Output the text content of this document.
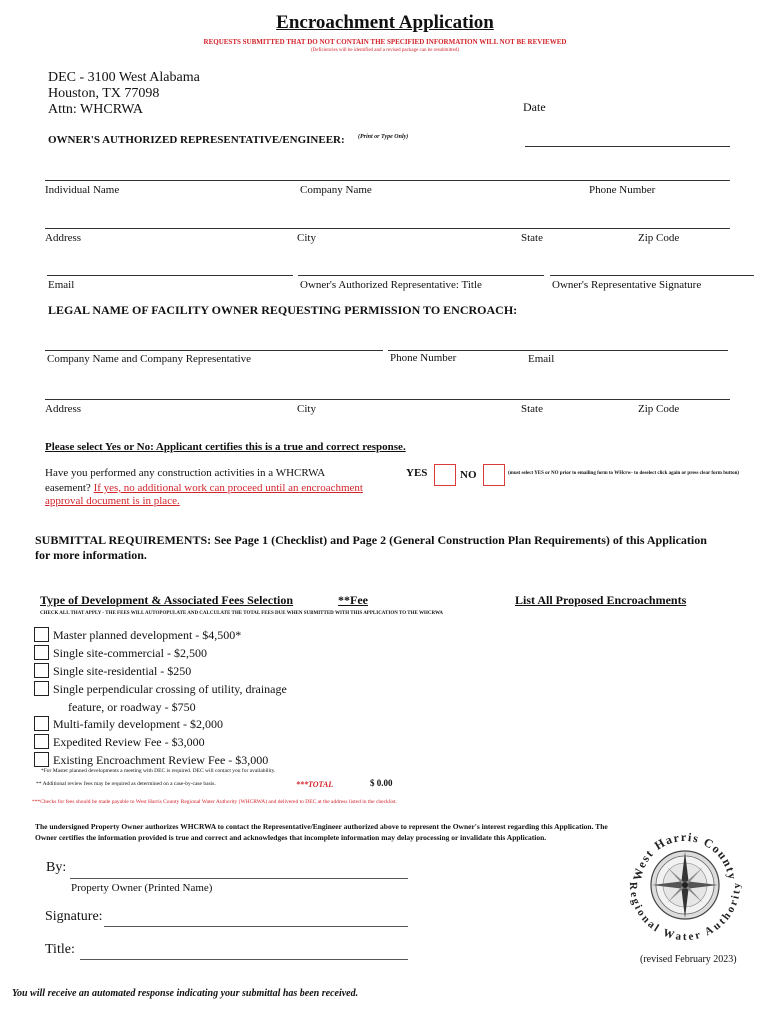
Encroachment Application
REQUESTS SUBMITTED THAT DO NOT CONTAIN THE SPECIFIED INFORMATION WILL NOT BE REVIEWED
(Deficiencies will be identified and a revised package can be resubmitted)
DEC - 3100 West Alabama
Houston, TX 77098
Attn: WHCRWA	Date
OWNER'S AUTHORIZED REPRESENTATIVE/ENGINEER: (Print or Type Only)
Individual Name	Company Name	Phone Number
Address	City	State	Zip Code
Email	Owner's Authorized Representative: Title	Owner's Representative Signature
LEGAL NAME OF FACILITY OWNER REQUESTING PERMISSION TO ENCROACH:
Company Name and Company Representative	Phone Number	Email
Address	City	State	Zip Code
Please select Yes or No: Applicant certifies this is a true and correct response.
Have you performed any construction activities in a WHCRWA
easement? If yes, no additional work can proceed until an encroachment
approval document is in place.
YES	NO	(must select YES or NO prior to emailing form to WHcrw- to deselect click again or press clear form button)
SUBMITTAL REQUIREMENTS: See Page 1 (Checklist) and Page 2 (General Construction Plan Requirements) of this Application
for more information.
Type of Development & Associated Fees Selection	**Fee	List All Proposed Encroachments
CHECK ALL THAT APPLY - THE FEES WILL AUTOPOPULATE AND CALCULATE THE TOTAL FEES DUE WHEN SUBMITTED WITH THIS APPLICATION TO THE WHCRWA
Master planned development - $4,500*
Single site-commercial - $2,500
Single site-residential - $250
Single perpendicular crossing of utility, drainage
feature, or roadway - $750
Multi-family development - $2,000
Expedited Review Fee - $3,000
Existing Encroachment Review Fee - $3,000
*For Master planned developments a meeting with DEC is required. DEC will contact you for availability.
** Additional review fees may be required as determined on a case-by-case basis.	***TOTAL	$ 0.00
***Checks for fees should be made payable to West Harris County Regional Water Authority (WHCRWA) and delivered to DEC at the address listed in the checklist.
The undersigned Property Owner authorizes WHCRWA to contact the Representative/Engineer authorized above to represent the Owner's interest regarding this Application. The
Owner certifies the information provided is true and correct and acknowledges that incomplete information may delay processing or invalidate this Application.
By:
Property Owner (Printed Name)
Signature:
Title:
West Harris County
Regional Water Authority
(revised February 2023)
You will receive an automated response indicating your submittal has been received.
